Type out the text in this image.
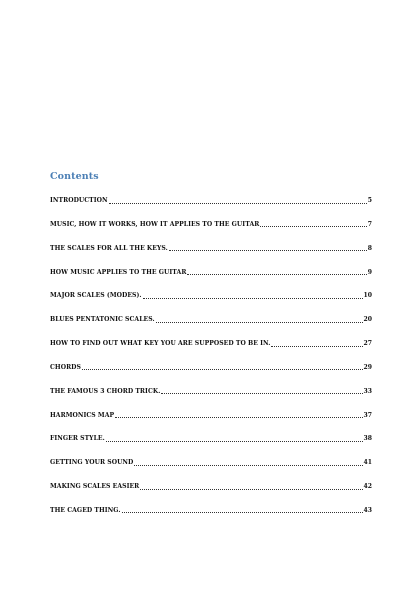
Contents
INTRODUCTION	5
MUSIC, HOW IT WORKS, HOW IT APPLIES TO THE GUITAR	7
THE SCALES FOR ALL THE KEYS.	8
HOW MUSIC APPLIES TO THE GUITAR	9
MAJOR SCALES (MODES).	10
BLUES PENTATONIC SCALES.	20
HOW TO FIND OUT WHAT KEY YOU ARE SUPPOSED TO BE IN.	27
CHORDS	29
THE FAMOUS 3 CHORD TRICK.	33
HARMONICS MAP	37
FINGER STYLE.	38
GETTING YOUR SOUND	41
MAKING SCALES EASIER	42
THE CAGED THING.	43
